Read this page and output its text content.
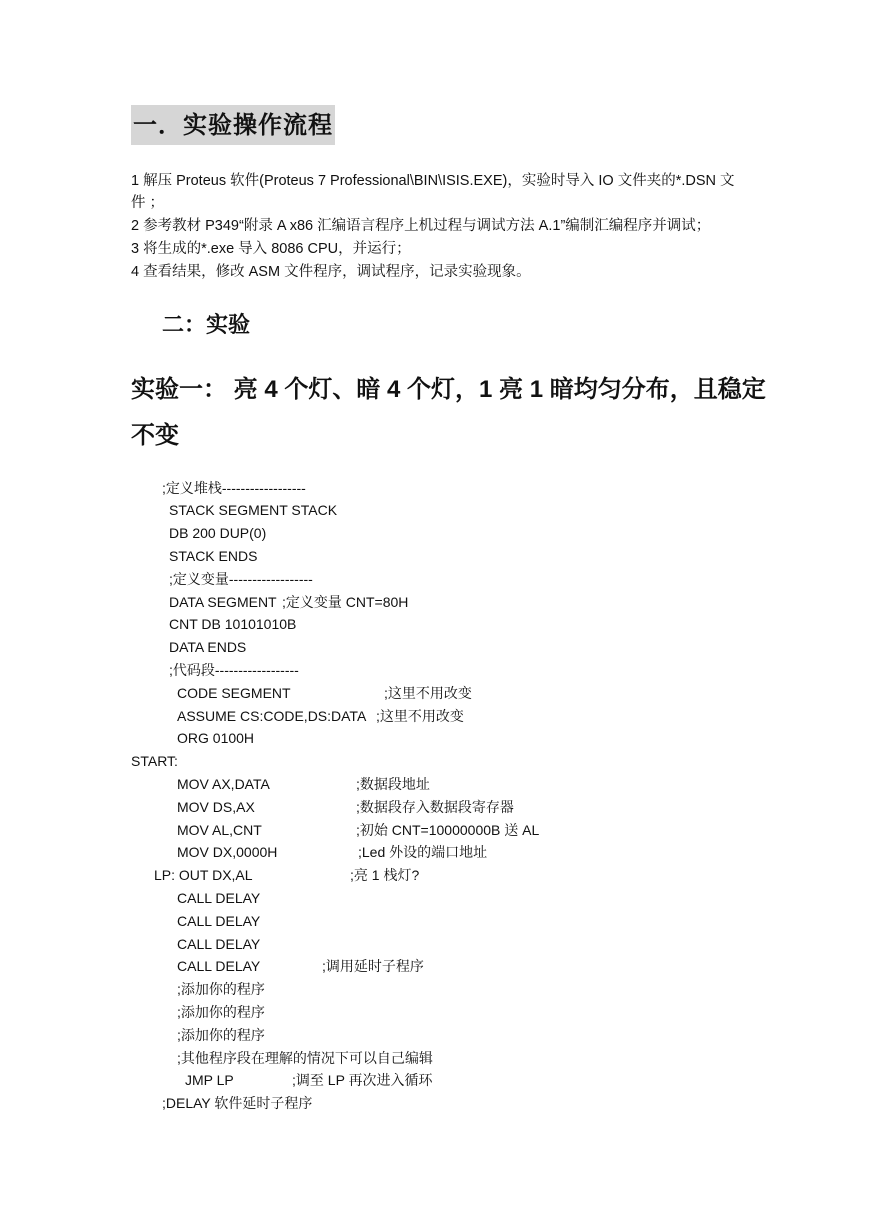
一．实验操作流程
1 解压 Proteus 软件(Proteus 7 Professional\BIN\ISIS.EXE)，实验时导入 IO 文件夹的*.DSN 文
件 ；
2 参考教材 P349“附录 A x86 汇编语言程序上机过程与调试方法 A.1”编制汇编程序并调试；
3 将生成的*.exe 导入 8086 CPU，并运行；
4 查看结果，修改 ASM 文件程序，调试程序，记录实验现象。
二：实验
实验一： 亮 4 个灯、暗 4 个灯，1 亮 1 暗均匀分布，且稳定
不变
;定义堆栈------------------
STACK SEGMENT STACK
DB 200 DUP(0)
STACK ENDS
;定义变量------------------
DATA SEGMENT ;定义变量 CNT=80H
CNT DB 10101010B
DATA ENDS
;代码段------------------
CODE SEGMENT	;这里不用改变
ASSUME CS:CODE,DS:DATA ;这里不用改变
ORG 0100H
START:
MOV AX,DATA	;数据段地址
MOV DS,AX	;数据段存入数据段寄存器
MOV AL,CNT	;初始 CNT=10000000B 送 AL
MOV DX,0000H	;Led 外设的端口地址
LP: OUT DX,AL	;亮 1 栈灯?
CALL DELAY
CALL DELAY
CALL DELAY
CALL DELAY	;调用延时子程序
;添加你的程序
;添加你的程序
;添加你的程序
;其他程序段在理解的情况下可以自己编辑
JMP LP	;调至 LP 再次进入循环
;DELAY 软件延时子程序
